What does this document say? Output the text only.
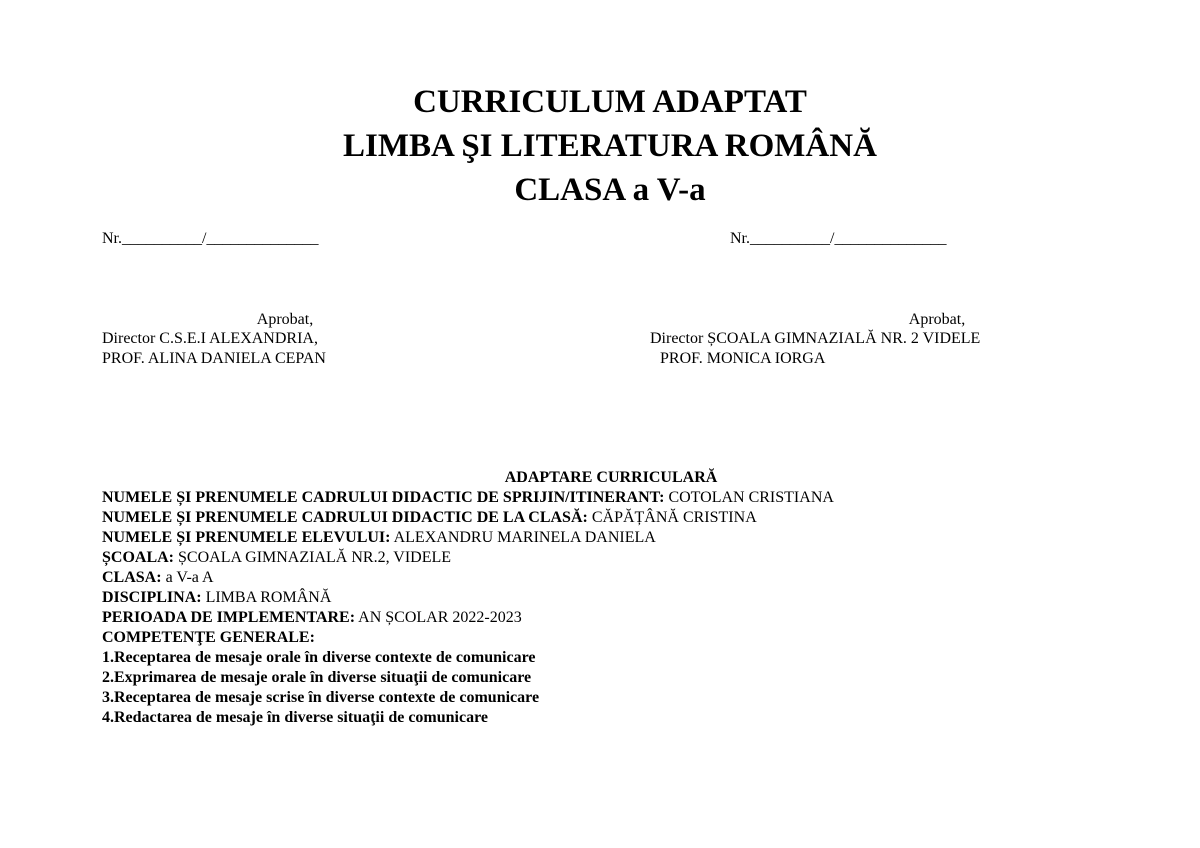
CURRICULUM ADAPTAT
LIMBA ŞI LITERATURA ROMÂNĂ
CLASA a V-a
Nr.__________/______________	Nr.__________/______________
Aprobat,
Director C.S.E.I ALEXANDRIA,
PROF. ALINA DANIELA CEPAN
Aprobat,
Director ȘCOALA GIMNAZIALĂ NR. 2 VIDELE
PROF. MONICA IORGA
ADAPTARE CURRICULARĂ
NUMELE ȘI PRENUMELE CADRULUI DIDACTIC DE SPRIJIN/ITINERANT: COTOLAN CRISTIANA
NUMELE ȘI PRENUMELE CADRULUI DIDACTIC DE LA CLASĂ: CĂPĂȚÂNĂ CRISTINA
NUMELE ȘI PRENUMELE ELEVULUI: ALEXANDRU MARINELA DANIELA
ȘCOALA: ȘCOALA GIMNAZIALĂ NR.2, VIDELE
CLASA: a V-a A
DISCIPLINA: LIMBA ROMÂNĂ
PERIOADA DE IMPLEMENTARE: AN ȘCOLAR 2022-2023
COMPETENŢE GENERALE:
1.Receptarea de mesaje orale în diverse contexte de comunicare
2.Exprimarea de mesaje orale în diverse situaţii de comunicare
3.Receptarea de mesaje scrise în diverse contexte de comunicare
4.Redactarea de mesaje în diverse situaţii de comunicare
